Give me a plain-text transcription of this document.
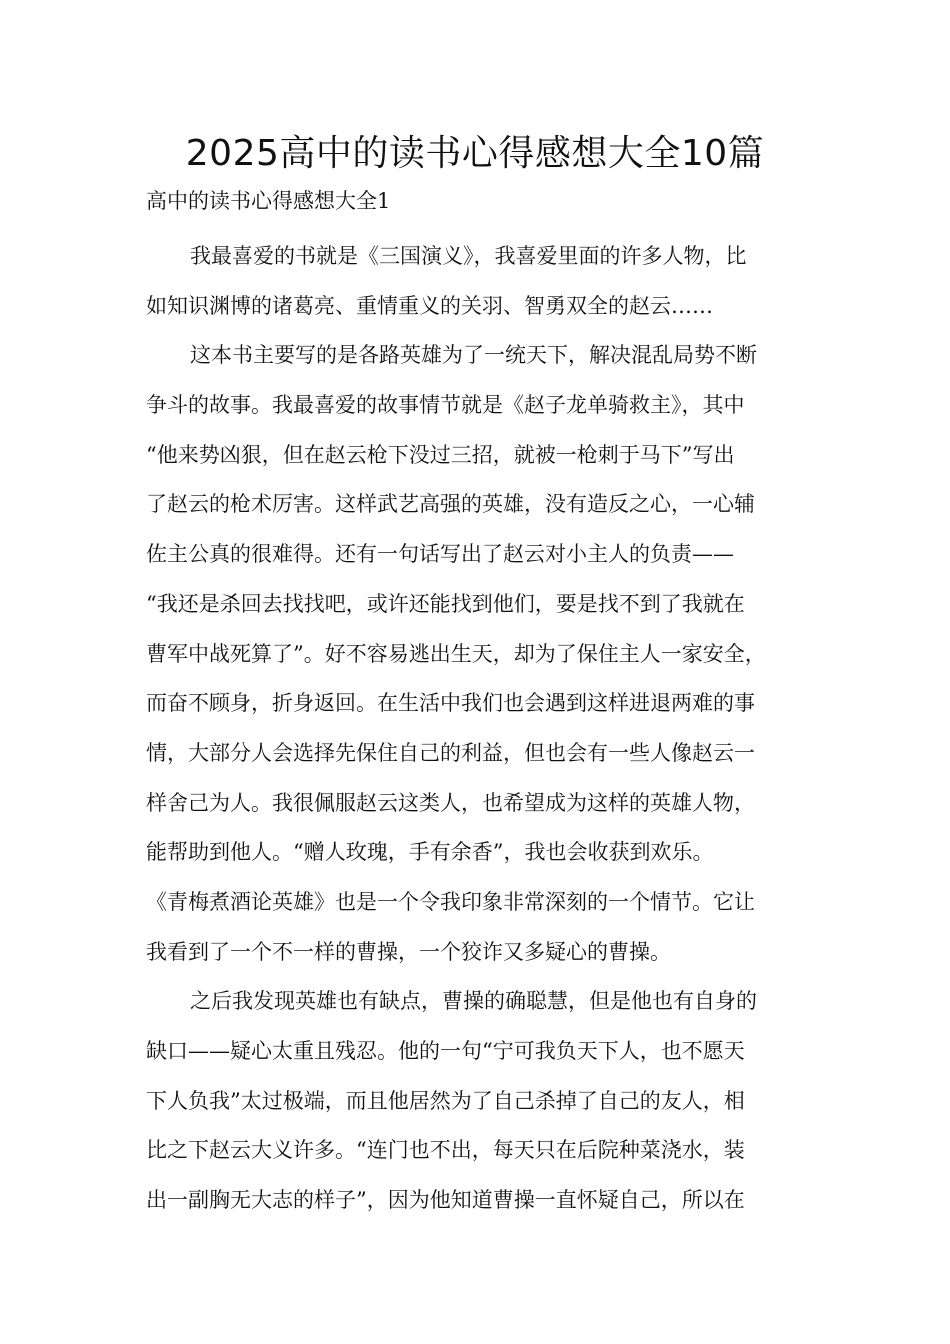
2025高中的读书心得感想大全10篇
高中的读书心得感想大全1
我最喜爱的书就是《三国演义》，我喜爱里面的许多人物，比
如知识渊博的诸葛亮、重情重义的关羽、智勇双全的赵云……
这本书主要写的是各路英雄为了一统天下，解决混乱局势不断
争斗的故事。我最喜爱的故事情节就是《赵子龙单骑救主》，其中
“他来势凶狠，但在赵云枪下没过三招，就被一枪刺于马下”写出
了赵云的枪术厉害。这样武艺高强的英雄，没有造反之心，一心辅
佐主公真的很难得。还有一句话写出了赵云对小主人的负责——
“我还是杀回去找找吧，或许还能找到他们，要是找不到了我就在
曹军中战死算了”。好不容易逃出生天，却为了保住主人一家安全，
而奋不顾身，折身返回。在生活中我们也会遇到这样进退两难的事
情，大部分人会选择先保住自己的利益，但也会有一些人像赵云一
样舍己为人。我很佩服赵云这类人，也希望成为这样的英雄人物，
能帮助到他人。“赠人玫瑰，手有余香”，我也会收获到欢乐。
《青梅煮酒论英雄》也是一个令我印象非常深刻的一个情节。它让
我看到了一个不一样的曹操，一个狡诈又多疑心的曹操。
之后我发现英雄也有缺点，曹操的确聪慧，但是他也有自身的
缺口——疑心太重且残忍。他的一句“宁可我负天下人，也不愿天
下人负我”太过极端，而且他居然为了自己杀掉了自己的友人，相
比之下赵云大义许多。“连门也不出，每天只在后院种菜浇水，装
出一副胸无大志的样子”，因为他知道曹操一直怀疑自己，所以在
